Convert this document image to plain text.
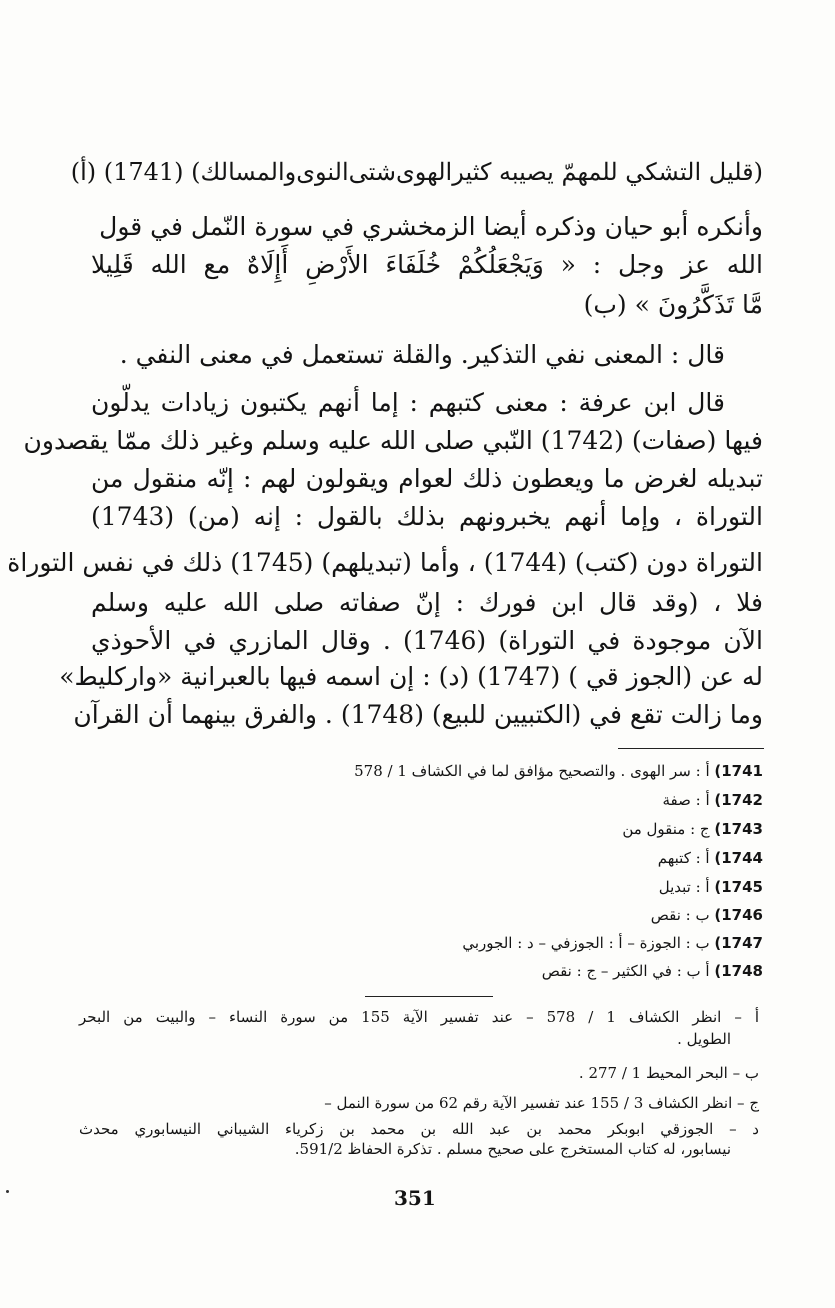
(قليل التشكي للمهمّ يصيبه كثيرالهوى‌شتى‌النوى‌والمسالك) (1741) (أ)
وأنكره أبو حيان وذكره أيضا الزمخشري في سورة النّمل في قول
الله عز وجل : « وَيَجْعَلُكُمْ خُلَفَاءَ الأَرْضِ أَإِلَاهٌ مع الله قَلِيلا
مَّا تَذَكَّرُونَ » (ب)
قال : المعنى نفي التذكير. والقلة تستعمل في معنى النفي .
قال ابن عرفة : معنى كتبهم : إما أنهم يكتبون زيادات يدلّون
فيها (صفات) (1742) النّبي صلى الله عليه وسلم وغير ذلك ممّا يقصدون
تبديله لغرض ما ويعطون ذلك لعوام ويقولون لهم : إنّه منقول من
التوراة ، وإما أنهم يخبرونهم بذلك بالقول : إنه (من) (1743)
التوراة دون (كتب) (1744) ، وأما (تبديلهم) (1745) ذلك في نفس التوراة
فلا ، (وقد قال ابن فورك : إنّ صفاته صلى الله عليه وسلم
الآن موجودة في التوراة) (1746) . وقال المازري في الأحوذي
له عن (الجوز قي ) (1747) (د) : إن اسمه فيها بالعبرانية «واركليط»
وما زالت تقع في (الكتبيين للبيع) (1748) . والفرق بينهما أن القرآن
1741) أ : سر الهوى . والتصحيح مؤافق لما في الكشاف 1 / 578
1742) أ : صفة
1743) ج : منقول من
1744) أ : كتبهم
1745) أ : تبديل
1746) ب : نقص
1747) ب : الجوزة – أ : الجوزفي – د : الجوربي
1748) أ ب : في الكثير – ج : نقص
أ – انظر الكشاف 1 / 578 – عند تفسير الآية 155 من سورة النساء – والبيت من البحر
الطويل .
ب – البحر المحيط 1 / 277 .
ج – انظر الكشاف 3 / 155 عند تفسير الآية رقم 62 من سورة النمل –
د – الجوزقي ابوبكر محمد بن عبد الله بن محمد بن زكرياء الشيباني النيسابوري محدث
نيسابور، له كتاب المستخرج على صحيح مسلم . تذكرة الحفاظ 591/2.
351
